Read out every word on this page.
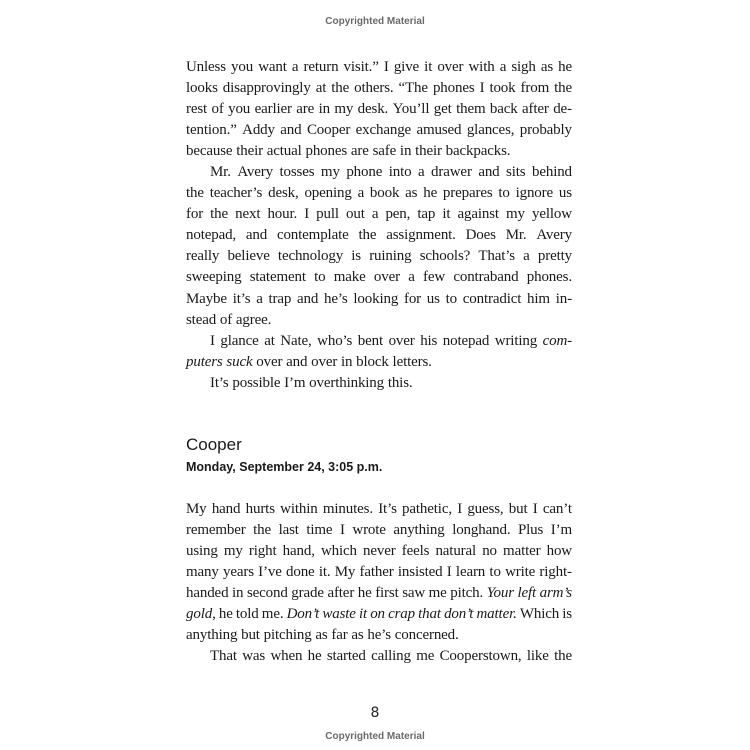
Copyrighted Material
Unless you want a return visit.” I give it over with a sigh as he
looks disapprovingly at the others. “The phones I took from the
rest of you earlier are in my desk. You’ll get them back after de-
tention.” Addy and Cooper exchange amused glances, probably
because their actual phones are safe in their backpacks.
Mr. Avery tosses my phone into a drawer and sits behind
the teacher’s desk, opening a book as he prepares to ignore us
for the next hour. I pull out a pen, tap it against my yellow
notepad, and contemplate the assignment. Does Mr. Avery
really believe technology is ruining schools? That’s a pretty
sweeping statement to make over a few contraband phones.
Maybe it’s a trap and he’s looking for us to contradict him in-
stead of agree.
I glance at Nate, who’s bent over his notepad writing com-
puters suck over and over in block letters.
It’s possible I’m overthinking this.
Cooper
Monday, September 24, 3:05 p.m.
My hand hurts within minutes. It’s pathetic, I guess, but I can’t
remember the last time I wrote anything longhand. Plus I’m
using my right hand, which never feels natural no matter how
many years I’ve done it. My father insisted I learn to write right-
handed in second grade after he first saw me pitch. Your left arm’s
gold, he told me. Don’t waste it on crap that don’t matter. Which is
anything but pitching as far as he’s concerned.
That was when he started calling me Cooperstown, like the
8
Copyrighted Material
